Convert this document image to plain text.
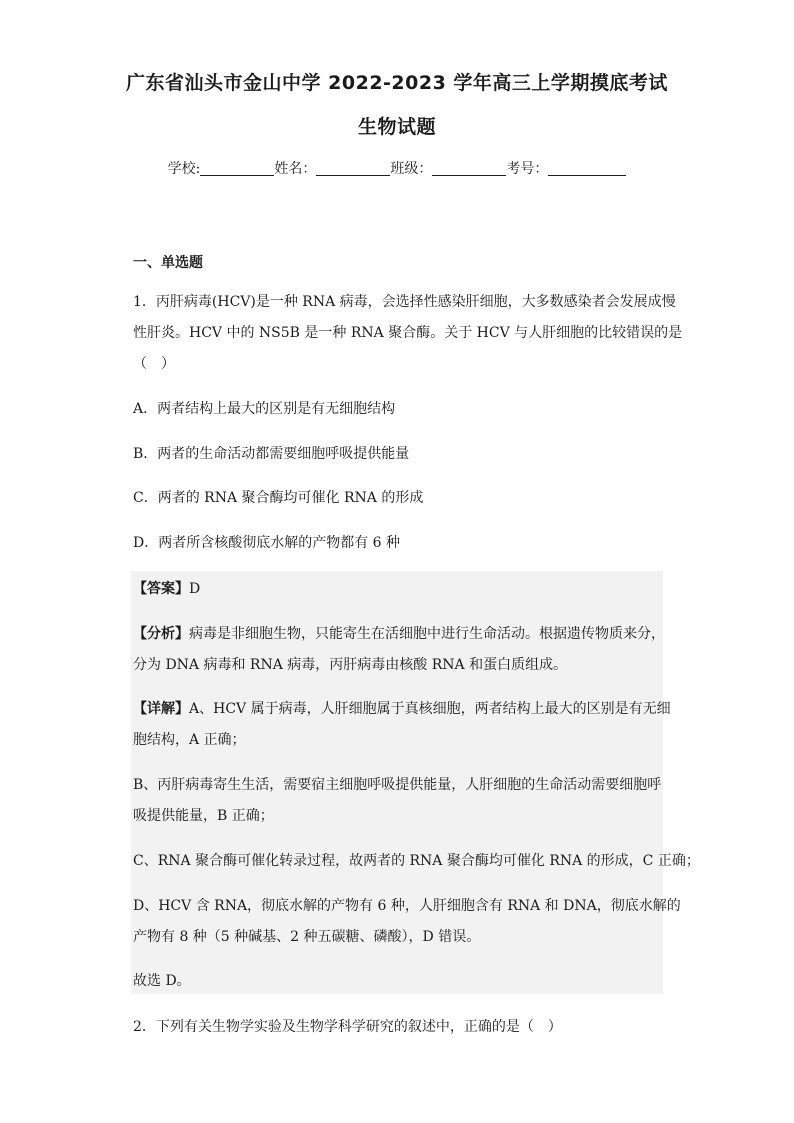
广东省汕头市金山中学 2022-2023 学年高三上学期摸底考试
生物试题
学校:	姓名：	班级：	考号：
一、单选题
1．丙肝病毒(HCV)是一种 RNA 病毒，会选择性感染肝细胞，大多数感染者会发展成慢
性肝炎。HCV 中的 NS5B 是一种 RNA 聚合酶。关于 HCV 与人肝细胞的比较错误的是
（　）
A．两者结构上最大的区别是有无细胞结构
B．两者的生命活动都需要细胞呼吸提供能量
C．两者的 RNA 聚合酶均可催化 RNA 的形成
D．两者所含核酸彻底水解的产物都有 6 种
【答案】D
【分析】病毒是非细胞生物，只能寄生在活细胞中进行生命活动。根据遗传物质来分，
分为 DNA 病毒和 RNA 病毒，丙肝病毒由核酸 RNA 和蛋白质组成。
【详解】A、HCV 属于病毒，人肝细胞属于真核细胞，两者结构上最大的区别是有无细
胞结构，A 正确；
B、丙肝病毒寄生生活，需要宿主细胞呼吸提供能量，人肝细胞的生命活动需要细胞呼
吸提供能量，B 正确；
C、RNA 聚合酶可催化转录过程，故两者的 RNA 聚合酶均可催化 RNA 的形成，C 正确；
D、HCV 含 RNA，彻底水解的产物有 6 种，人肝细胞含有 RNA 和 DNA，彻底水解的
产物有 8 种（5 种碱基、2 种五碳糖、磷酸），D 错误。
故选 D。
2．下列有关生物学实验及生物学科学研究的叙述中，正确的是（　）
